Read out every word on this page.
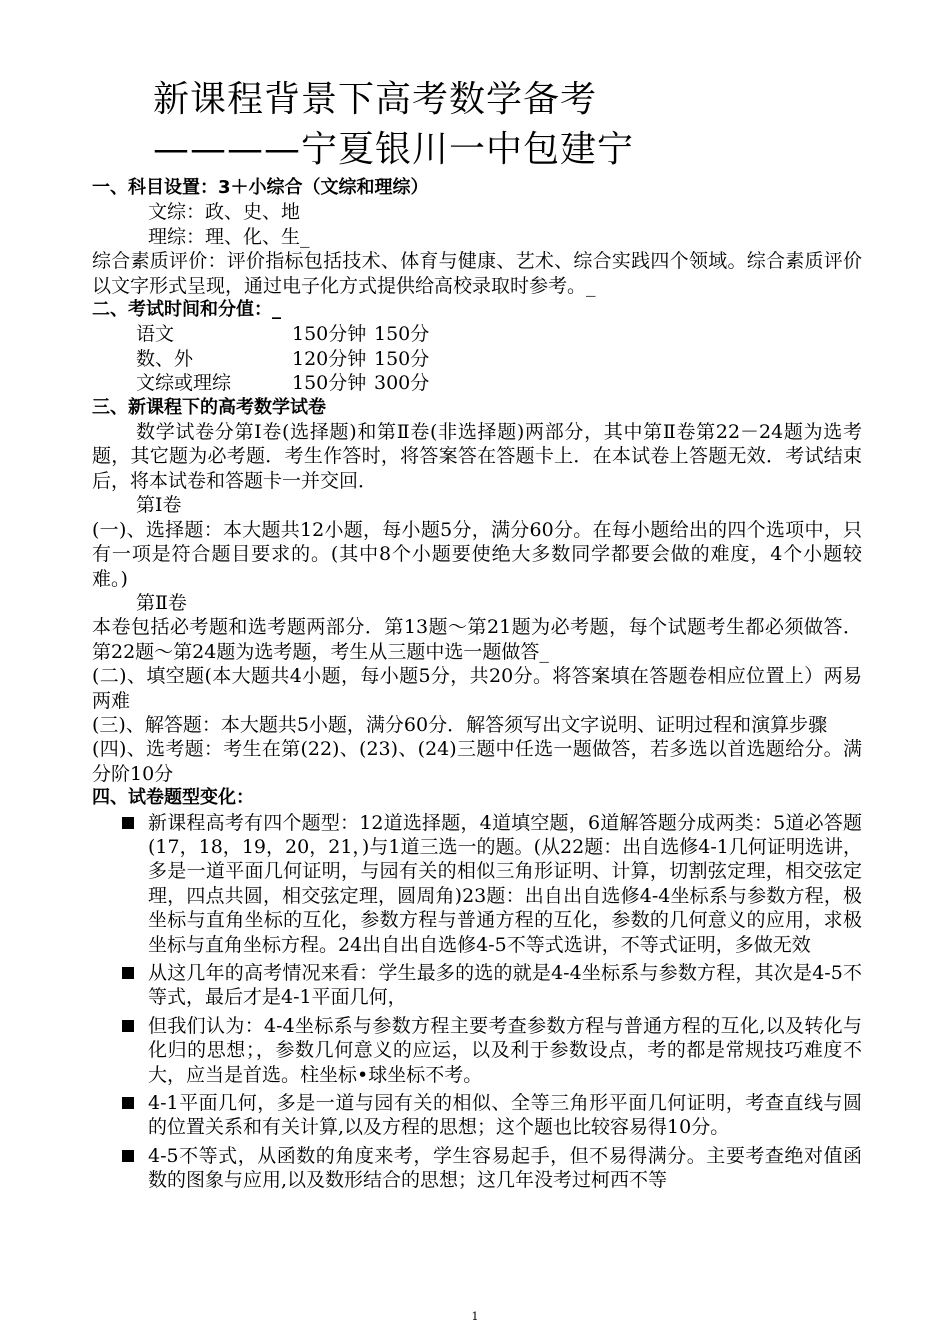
新课程背景下高考数学备考
————宁夏银川一中包建宁

一、科目设置：3＋小综合（文综和理综）

文综：政、史、地

理综：理、化、生_

综合素质评价：评价指标包括技术、体育与健康、艺术、综合实践四个领域。综合素质评价以文字形式呈现，通过电子化方式提供给高校录取时参考。_

二、考试时间和分值：_

语文	150分钟 150分
数、外	120分钟 150分
文综或理综	150分钟 300分

三、新课程下的高考数学试卷

数学试卷分第Ⅰ卷(选择题)和第Ⅱ卷(非选择题)两部分，其中第Ⅱ卷第22－24题为选考题，其它题为必考题．考生作答时，将答案答在答题卡上．在本试卷上答题无效．考试结束后，将本试卷和答题卡一并交回．

第Ⅰ卷

(一)、选择题：本大题共12小题，每小题5分，满分60分。在每小题给出的四个选项中，只有一项是符合题目要求的。(其中8个小题要使绝大多数同学都要会做的难度，4个小题较难。)

第Ⅱ卷

本卷包括必考题和选考题两部分．第13题～第21题为必考题，每个试题考生都必须做答．第22题～第24题为选考题，考生从三题中选一题做答_

(二)、填空题(本大题共4小题，每小题5分，共20分。将答案填在答题卷相应位置上）两易两难

(三)、解答题：本大题共5小题，满分60分．解答须写出文字说明、证明过程和演算步骤

(四)、选考题：考生在第(22)、(23)、(24)三题中任选一题做答，若多选以首选题给分。满分阶10分

四、试卷题型变化：

新课程高考有四个题型：12道选择题，4道填空题，6道解答题分成两类：5道必答题(17，18，19，20，21，)与1道三选一的题。(从22题：出自选修4-1几何证明选讲，多是一道平面几何证明，与园有关的相似三角形证明、计算，切割弦定理，相交弦定理，四点共圆，相交弦定理，圆周角)23题：出自出自选修4-4坐标系与参数方程，极坐标与直角坐标的互化，参数方程与普通方程的互化，参数的几何意义的应用，求极坐标与直角坐标方程。24出自出自选修4-5不等式选讲，不等式证明，多做无效
从这几年的高考情况来看：学生最多的选的就是4-4坐标系与参数方程，其次是4-5不等式，最后才是4-1平面几何，
但我们认为：4-4坐标系与参数方程主要考查参数方程与普通方程的互化,以及转化与化归的思想；，参数几何意义的应运，以及利于参数设点，考的都是常规技巧难度不大，应当是首选。柱坐标•球坐标不考。
4-1平面几何，多是一道与园有关的相似、全等三角形平面几何证明，考查直线与圆的位置关系和有关计算,以及方程的思想；这个题也比较容易得10分。
4-5不等式，从函数的角度来考，学生容易起手，但不易得满分。主要考查绝对值函数的图象与应用,以及数形结合的思想；这几年没考过柯西不等
1
